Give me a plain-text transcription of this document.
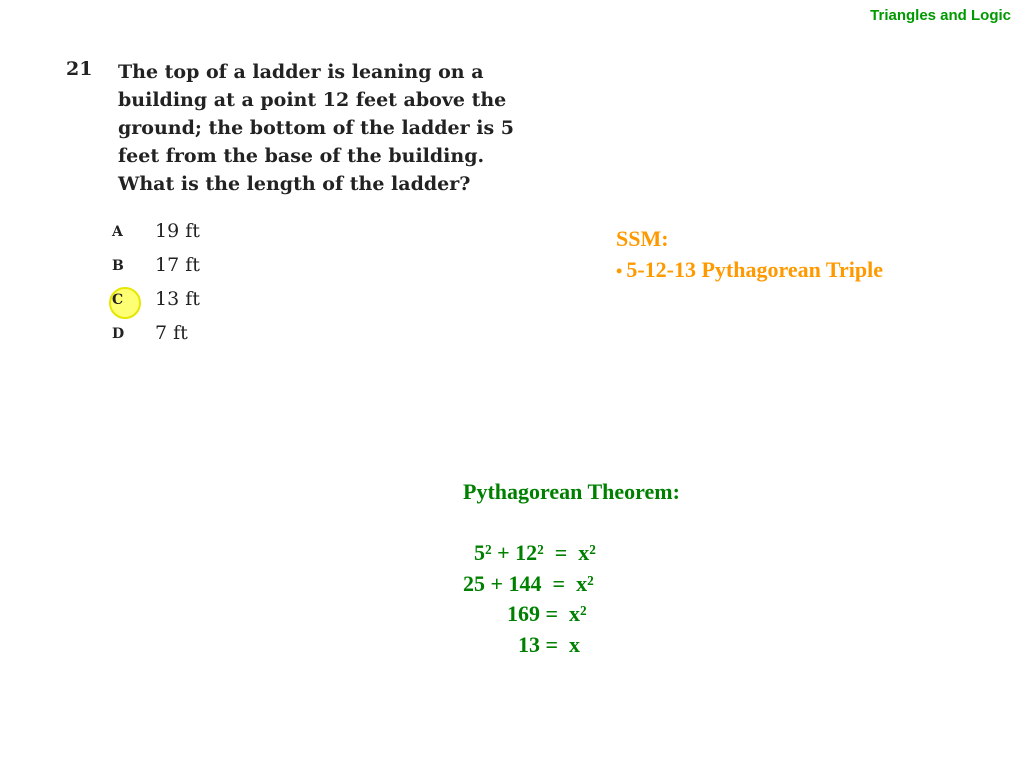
Triangles and Logic
21 The top of a ladder is leaning on a
building at a point 12 feet above the
ground; the bottom of the ladder is 5
feet from the base of the building.
What is the length of the ladder?

A	19 ft
B	17 ft
C	13 ft
D	7 ft
SSM:
• 5-12-13 Pythagorean Triple
Pythagorean Theorem:
5² + 12²  =  x²
25 + 144  =  x²
169 =  x²
13 =  x
